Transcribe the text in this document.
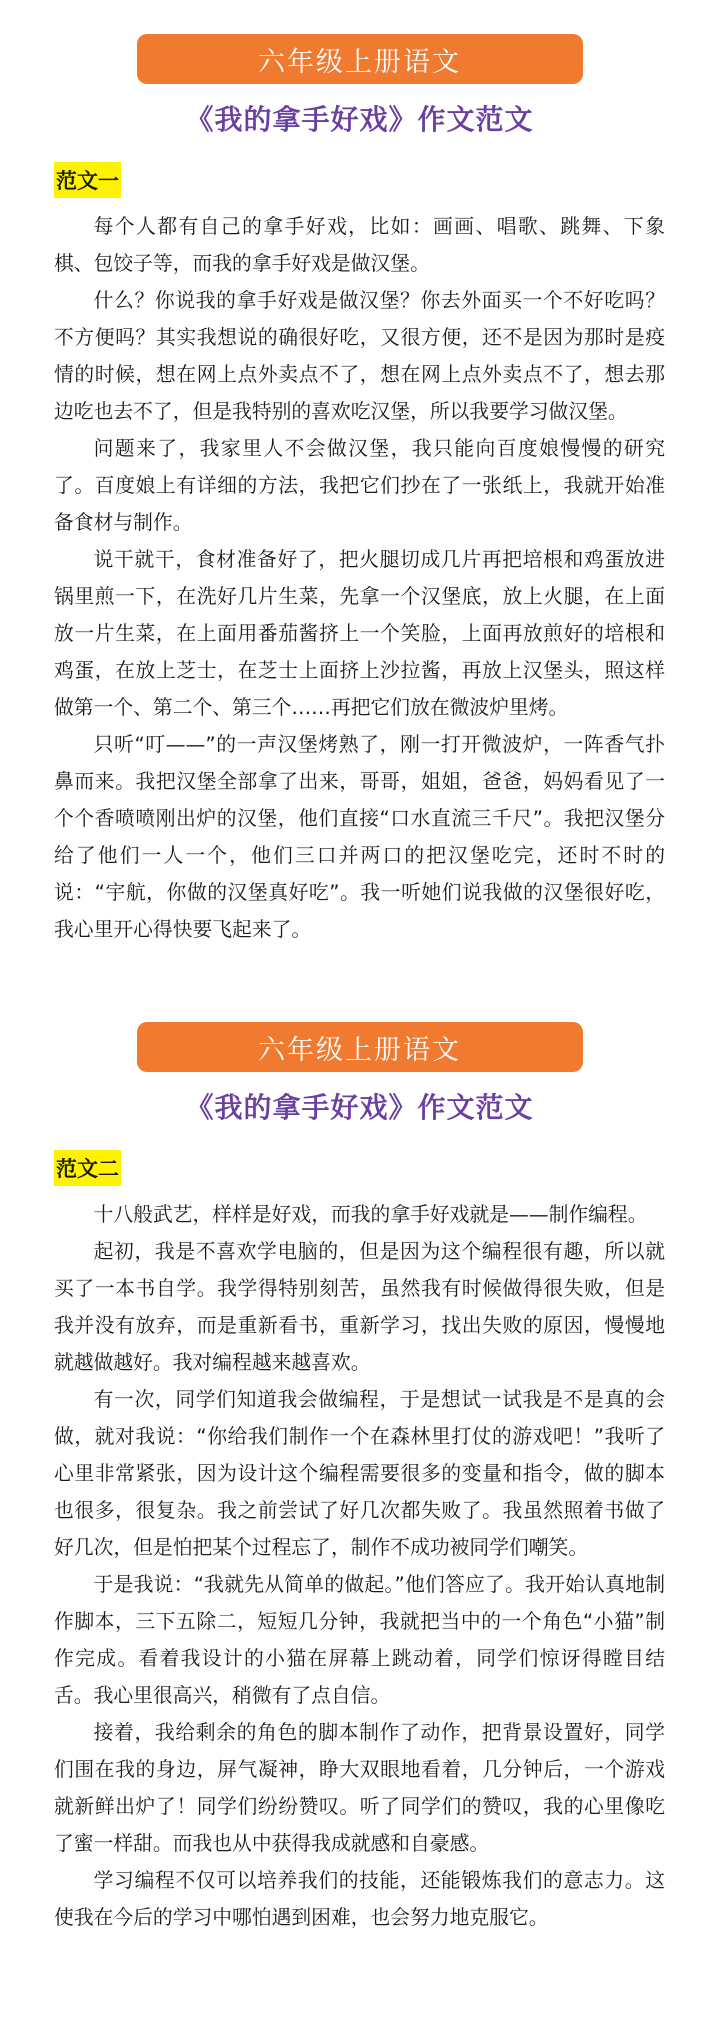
六年级上册语文
《我的拿手好戏》作文范文
范文一

每个人都有自己的拿手好戏，比如：画画、唱歌、跳舞、下象棋、包饺子等，而我的拿手好戏是做汉堡。

什么？你说我的拿手好戏是做汉堡？你去外面买一个不好吃吗？不方便吗？其实我想说的确很好吃，又很方便，还不是因为那时是疫情的时候，想在网上点外卖点不了，想在网上点外卖点不了，想去那边吃也去不了，但是我特别的喜欢吃汉堡，所以我要学习做汉堡。

问题来了，我家里人不会做汉堡，我只能向百度娘慢慢的研究了。百度娘上有详细的方法，我把它们抄在了一张纸上，我就开始准备食材与制作。

说干就干，食材准备好了，把火腿切成几片再把培根和鸡蛋放进锅里煎一下，在洗好几片生菜，先拿一个汉堡底，放上火腿，在上面放一片生菜，在上面用番茄酱挤上一个笑脸，上面再放煎好的培根和鸡蛋，在放上芝士，在芝士上面挤上沙拉酱，再放上汉堡头，照这样做第一个、第二个、第三个……再把它们放在微波炉里烤。

只听“叮——”的一声汉堡烤熟了，刚一打开微波炉，一阵香气扑鼻而来。我把汉堡全部拿了出来，哥哥，姐姐，爸爸，妈妈看见了一个个香喷喷刚出炉的汉堡，他们直接“口水直流三千尺”。我把汉堡分给了他们一人一个，他们三口并两口的把汉堡吃完，还时不时的说：“宇航，你做的汉堡真好吃”。我一听她们说我做的汉堡很好吃，我心里开心得快要飞起来了。

六年级上册语文
《我的拿手好戏》作文范文
范文二

十八般武艺，样样是好戏，而我的拿手好戏就是——制作编程。

起初，我是不喜欢学电脑的，但是因为这个编程很有趣，所以就买了一本书自学。我学得特别刻苦，虽然我有时候做得很失败，但是我并没有放弃，而是重新看书，重新学习，找出失败的原因，慢慢地就越做越好。我对编程越来越喜欢。

有一次，同学们知道我会做编程，于是想试一试我是不是真的会做，就对我说：“你给我们制作一个在森林里打仗的游戏吧！”我听了心里非常紧张，因为设计这个编程需要很多的变量和指令，做的脚本也很多，很复杂。我之前尝试了好几次都失败了。我虽然照着书做了好几次，但是怕把某个过程忘了，制作不成功被同学们嘲笑。

于是我说：“我就先从简单的做起。”他们答应了。我开始认真地制作脚本，三下五除二，短短几分钟，我就把当中的一个角色“小猫”制作完成。看着我设计的小猫在屏幕上跳动着，同学们惊讶得瞠目结舌。我心里很高兴，稍微有了点自信。

接着，我给剩余的角色的脚本制作了动作，把背景设置好，同学们围在我的身边，屏气凝神，睁大双眼地看着，几分钟后，一个游戏就新鲜出炉了！同学们纷纷赞叹。听了同学们的赞叹，我的心里像吃了蜜一样甜。而我也从中获得我成就感和自豪感。

学习编程不仅可以培养我们的技能，还能锻炼我们的意志力。这使我在今后的学习中哪怕遇到困难，也会努力地克服它。
